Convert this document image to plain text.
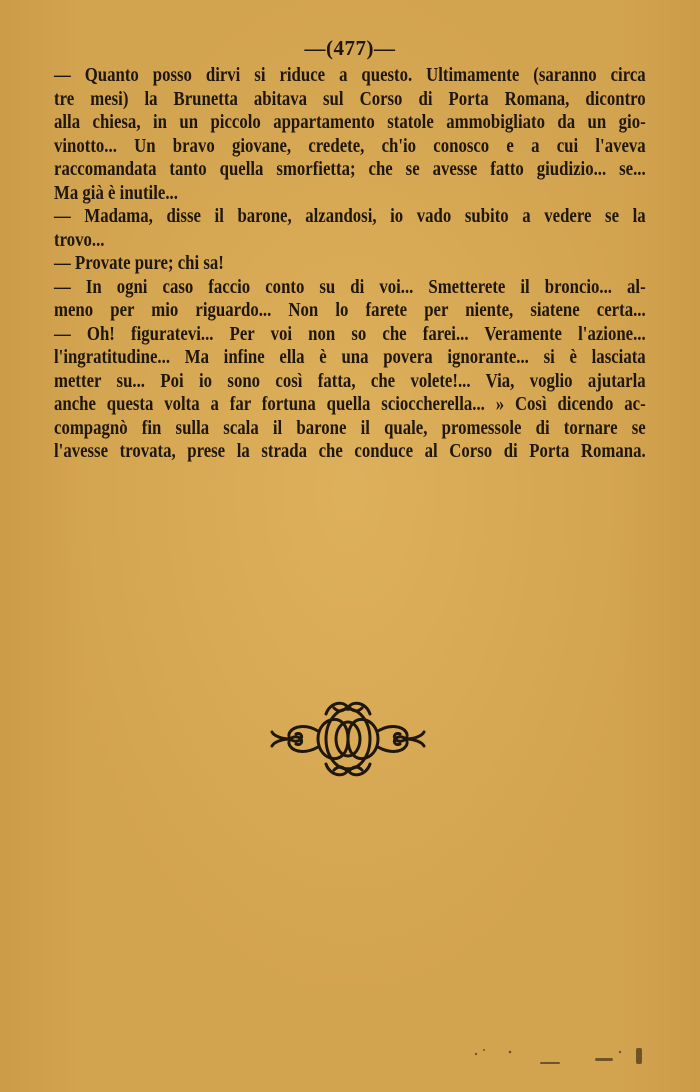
—(477)—
— Quanto posso dirvi si riduce a questo. Ultimamente (saranno circa
tre mesi) la Brunetta abitava sul Corso di Porta Romana, dicontro
alla chiesa, in un piccolo appartamento statole ammobigliato da un gio-
vinotto... Un bravo giovane, credete, ch'io conosco e a cui l'aveva
raccomandata tanto quella smorfietta; che se avesse fatto giudizio... se...
Ma già è inutile...
— Madama, disse il barone, alzandosi, io vado subito a vedere se la
trovo...
— Provate pure; chi sa!
— In ogni caso faccio conto su di voi... Smetterete il broncio... al-
meno per mio riguardo... Non lo farete per niente, siatene certa...
— Oh! figuratevi... Per voi non so che farei... Veramente l'azione...
l'ingratitudine... Ma infine ella è una povera ignorante... si è lasciata
metter su... Poi io sono così fatta, che volete!... Via, voglio ajutarla
anche questa volta a far fortuna quella scioccherella... » Così dicendo ac-
compagnò fin sulla scala il barone il quale, promessole di tornare se
l'avesse trovata, prese la strada che conduce al Corso di Porta Romana.
